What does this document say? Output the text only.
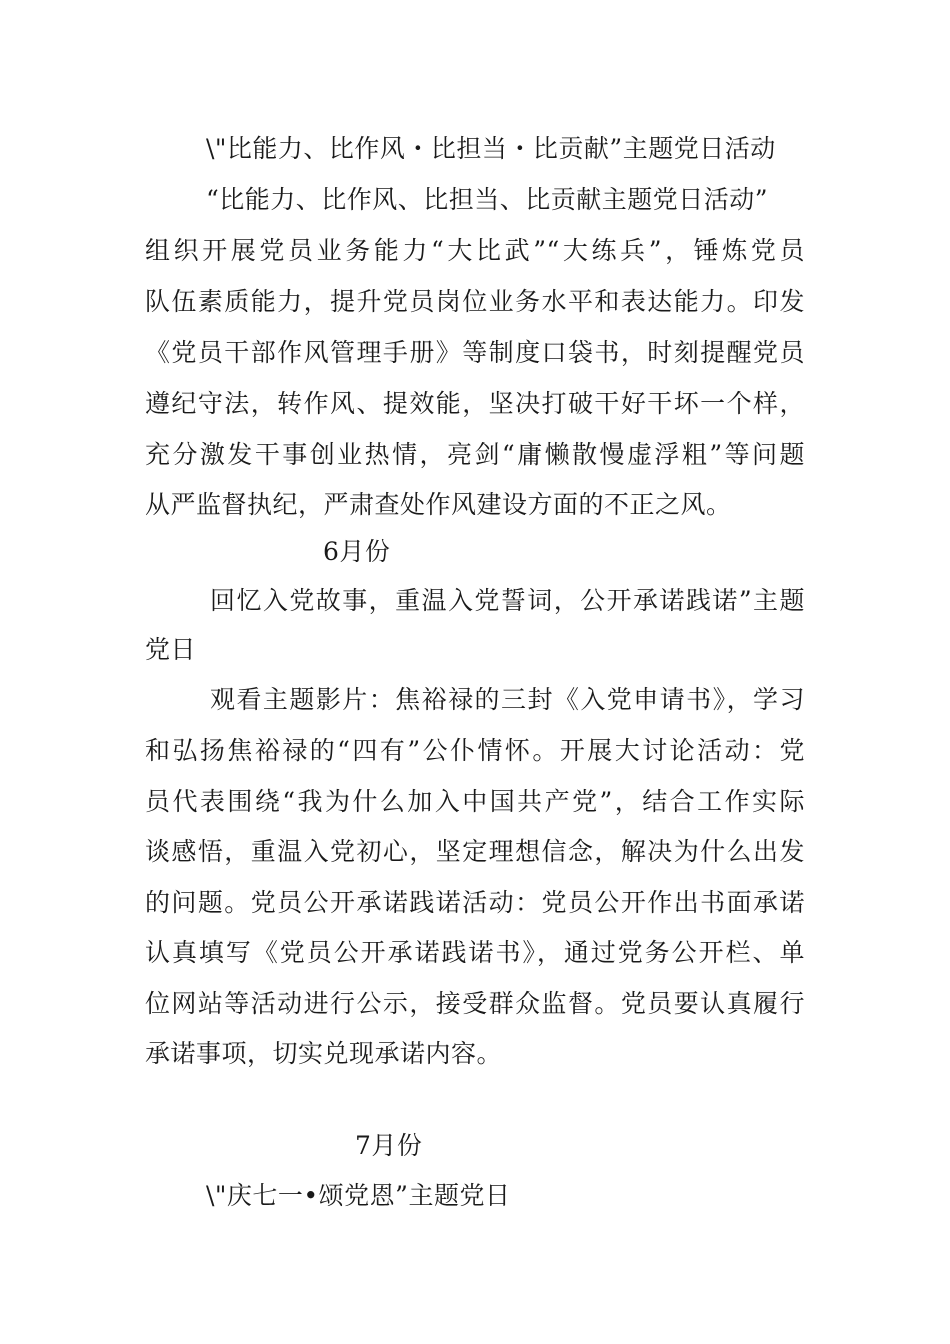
\"比能力、比作风・比担当・比贡献”主题党日活动
“比能力、比作风、比担当、比贡献主题党日活动”
组织开展党员业务能力“大比武”“大练兵”，锤炼党员
队伍素质能力，提升党员岗位业务水平和表达能力。印发
《党员干部作风管理手册》等制度口袋书，时刻提醒党员
遵纪守法，转作风、提效能，坚决打破干好干坏一个样，
充分激发干事创业热情，亮剑“庸懒散慢虚浮粗”等问题
从严监督执纪，严肃查处作风建设方面的不正之风。
6月份
回忆入党故事，重温入党誓词，公开承诺践诺”主题
党日
观看主题影片：焦裕禄的三封《入党申请书》，学习
和弘扬焦裕禄的“四有”公仆情怀。开展大讨论活动：党
员代表围绕“我为什么加入中国共产党”，结合工作实际
谈感悟，重温入党初心，坚定理想信念，解决为什么出发
的问题。党员公开承诺践诺活动：党员公开作出书面承诺
认真填写《党员公开承诺践诺书》，通过党务公开栏、单
位网站等活动进行公示，接受群众监督。党员要认真履行
承诺事项，切实兑现承诺内容。
7月份
\"庆七一•颂党恩”主题党日
